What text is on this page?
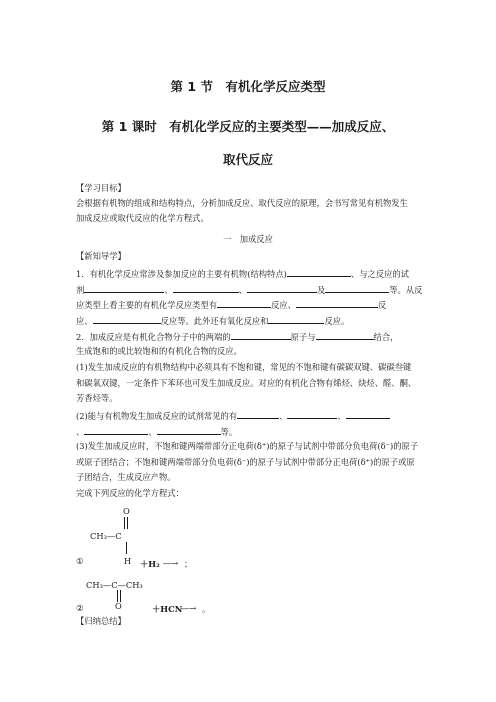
第 1 节　有机化学反应类型
第 1 课时　有机化学反应的主要类型——加成反应、
取代反应
【学习目标】
会根据有机物的组成和结构特点，分析加成反应、取代反应的原理，会书写常见有机物发生
加成反应或取代反应的化学方程式。
一　加成反应
【新知导学】
1．有机化学反应常涉及参加反应的主要有机物(结构特点)	、与之反应的试
剂	、	、	及	等。从反
应类型上看主要的有机化学反应类型有	反应、	反
应、	反应等。此外还有氧化反应和	反应。
2．加成反应是有机化合物分子中的两端的	原子与	结合，
生成饱和的或比较饱和的有机化合物的反应。
(1)发生加成反应的有机物结构中必须具有不饱和键，常见的不饱和键有碳碳双键、碳碳叁键
和碳氧双键，一定条件下苯环也可发生加成反应。对应的有机化合物有烯烃、炔烃、醛、酮、
芳香烃等。
(2)能与有机物发生加成反应的试剂常见的有	、	、
、	、	等。
(3)发生加成反应时，不饱和键两端带部分正电荷(δ⁺)的原子与试剂中带部分负电荷(δ⁻)的原子
或原子团结合；不饱和键两端带部分负电荷(δ⁻)的原子与试剂中带部分正电荷(δ⁺)的原子或原
子团结合，生成反应产物。
完成下列反应的化学方程式：
O
CH₃—C
①	H ＋H₂ ―→ ；
CH₃—C—CH₃
②	O	＋HCN
―→ 。
【归纳总结】
